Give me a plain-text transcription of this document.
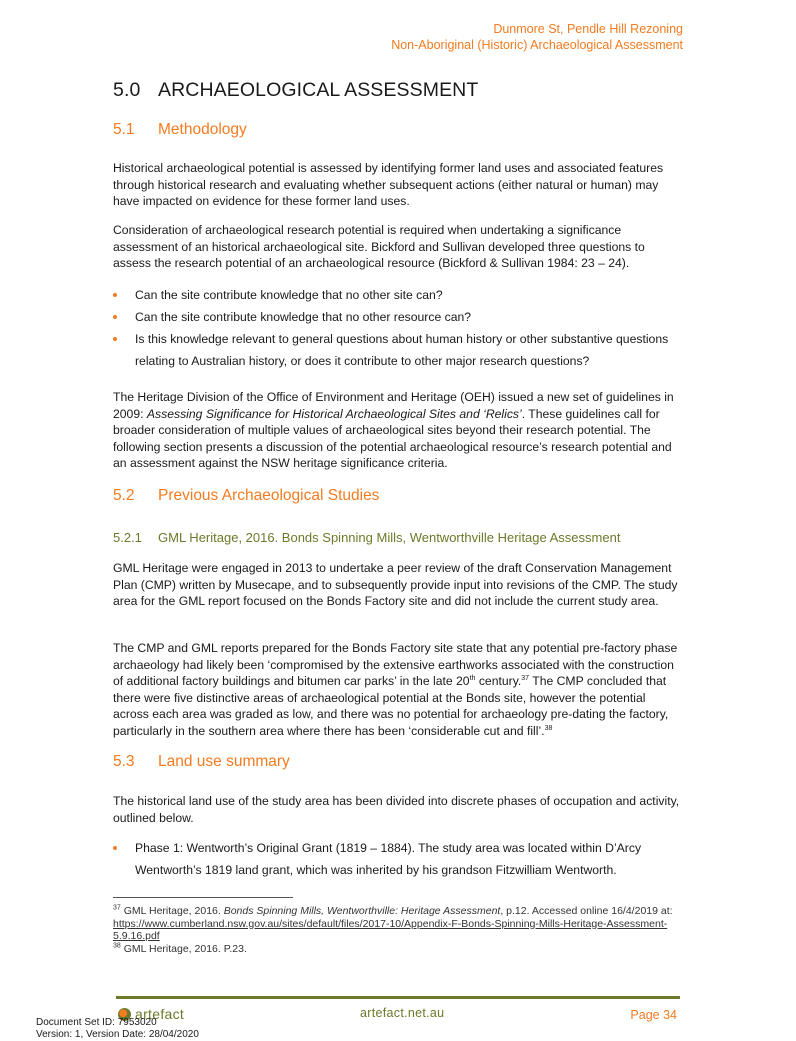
Dunmore St, Pendle Hill Rezoning
Non-Aboriginal (Historic) Archaeological Assessment
5.0 ARCHAEOLOGICAL ASSESSMENT
5.1 Methodology

Historical archaeological potential is assessed by identifying former land uses and associated features through historical research and evaluating whether subsequent actions (either natural or human) may have impacted on evidence for these former land uses.

Consideration of archaeological research potential is required when undertaking a significance assessment of an historical archaeological site. Bickford and Sullivan developed three questions to assess the research potential of an archaeological resource (Bickford & Sullivan 1984: 23 – 24).

Can the site contribute knowledge that no other site can?
Can the site contribute knowledge that no other resource can?
Is this knowledge relevant to general questions about human history or other substantive questions relating to Australian history, or does it contribute to other major research questions?

The Heritage Division of the Office of Environment and Heritage (OEH) issued a new set of guidelines in 2009: Assessing Significance for Historical Archaeological Sites and ‘Relics’. These guidelines call for broader consideration of multiple values of archaeological sites beyond their research potential. The following section presents a discussion of the potential archaeological resource’s research potential and an assessment against the NSW heritage significance criteria.

5.2 Previous Archaeological Studies
5.2.1 GML Heritage, 2016. Bonds Spinning Mills, Wentworthville Heritage Assessment

GML Heritage were engaged in 2013 to undertake a peer review of the draft Conservation Management Plan (CMP) written by Musecape, and to subsequently provide input into revisions of the CMP. The study area for the GML report focused on the Bonds Factory site and did not include the current study area.

The CMP and GML reports prepared for the Bonds Factory site state that any potential pre-factory phase archaeology had likely been ‘compromised by the extensive earthworks associated with the construction of additional factory buildings and bitumen car parks’ in the late 20th century.$^{37}$ The CMP concluded that there were five distinctive areas of archaeological potential at the Bonds site, however the potential across each area was graded as low, and there was no potential for archaeology pre-dating the factory, particularly in the southern area where there has been ‘considerable cut and fill’.$^{38}$

5.3 Land use summary

The historical land use of the study area has been divided into discrete phases of occupation and activity, outlined below.

Phase 1: Wentworth’s Original Grant (1819 – 1884). The study area was located within D’Arcy Wentworth’s 1819 land grant, which was inherited by his grandson Fitzwilliam Wentworth.

$^{37}$ GML Heritage, 2016. Bonds Spinning Mills, Wentworthville: Heritage Assessment, p.12. Accessed online 16/4/2019 at: https://www.cumberland.nsw.gov.au/sites/default/files/2017-10/Appendix-F-Bonds-Spinning-Mills-Heritage-Assessment-5.9.16.pdf

$^{38}$ GML Heritage, 2016. P.23.

artefact	artefact.net.au	Page 34
Document Set ID: 7953020
Version: 1, Version Date: 28/04/2020
